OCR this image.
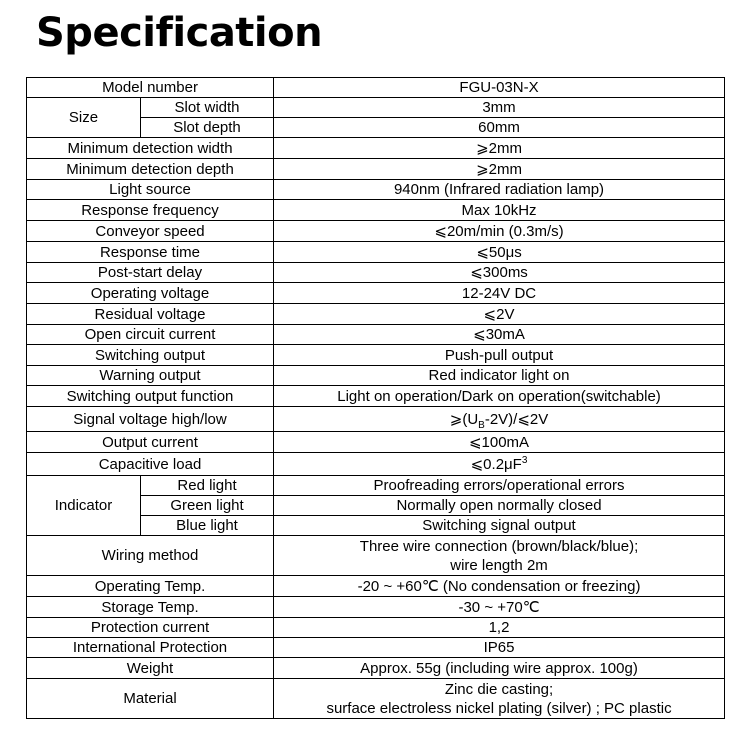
Specification
Model number		FGU-03N-X
Size	Slot width	3mm
	Slot depth	60mm
Minimum detection width		⩾2mm
Minimum detection depth		⩾2mm
Light source		940nm (Infrared radiation lamp)
Response frequency		Max 10kHz
Conveyor speed		⩽20m/min (0.3m/s)
Response time		⩽50μs
Post-start delay		⩽300ms
Operating voltage		12-24V DC
Residual voltage		⩽2V
Open circuit current		⩽30mA
Switching output		Push-pull output
Warning output		Red indicator light on
Switching output function		Light on operation/Dark on operation(switchable)
Signal voltage high/low		$⩾(U_B-2V)/⩽2V$
Output current		⩽100mA
Capacitive load		$⩽0.2\mu F^3$
Indicator	Red light	Proofreading errors/operational errors
	Green light	Normally open normally closed
	Blue light	Switching signal output
Wiring method		Three wire connection (brown/black/blue);
wire length 2m

Operating Temp.		-20 ~ +60℃ (No condensation or freezing)
Storage Temp.		-30 ~ +70℃
Protection current		1,2
International Protection		IP65
Weight		Approx. 55g (including wire approx. 100g)
Material		Zinc die casting;
surface electroless nickel plating (silver) ; PC plastic
